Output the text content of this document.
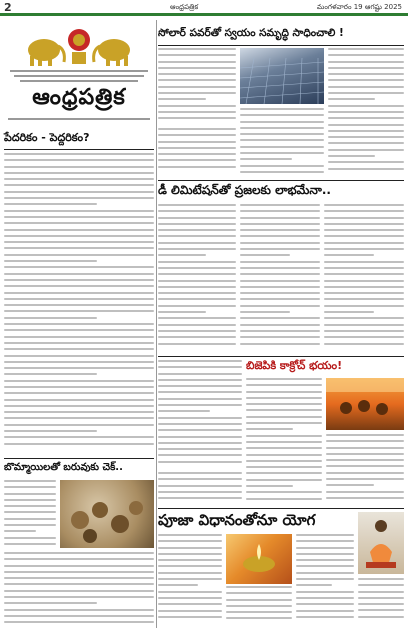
2	ఆంధ్రపత్రిక	మంగళవారం 19 ఆగష్టు 2025
ఆంధ్రపత్రిక
సోలార్ పవర్‌తో స్వయం సమృద్ధి సాధించాలి !
పేదరికం - పెద్దరికం?
డీ లిమిటేషన్‌తో ప్రజలకు లాభమేనా..
బిజెపికి కాక్రోచ్ భయం!
బొమ్మాయిలతో బరువుకు చెక్..
పూజా విధానంతోనూ యోగ
